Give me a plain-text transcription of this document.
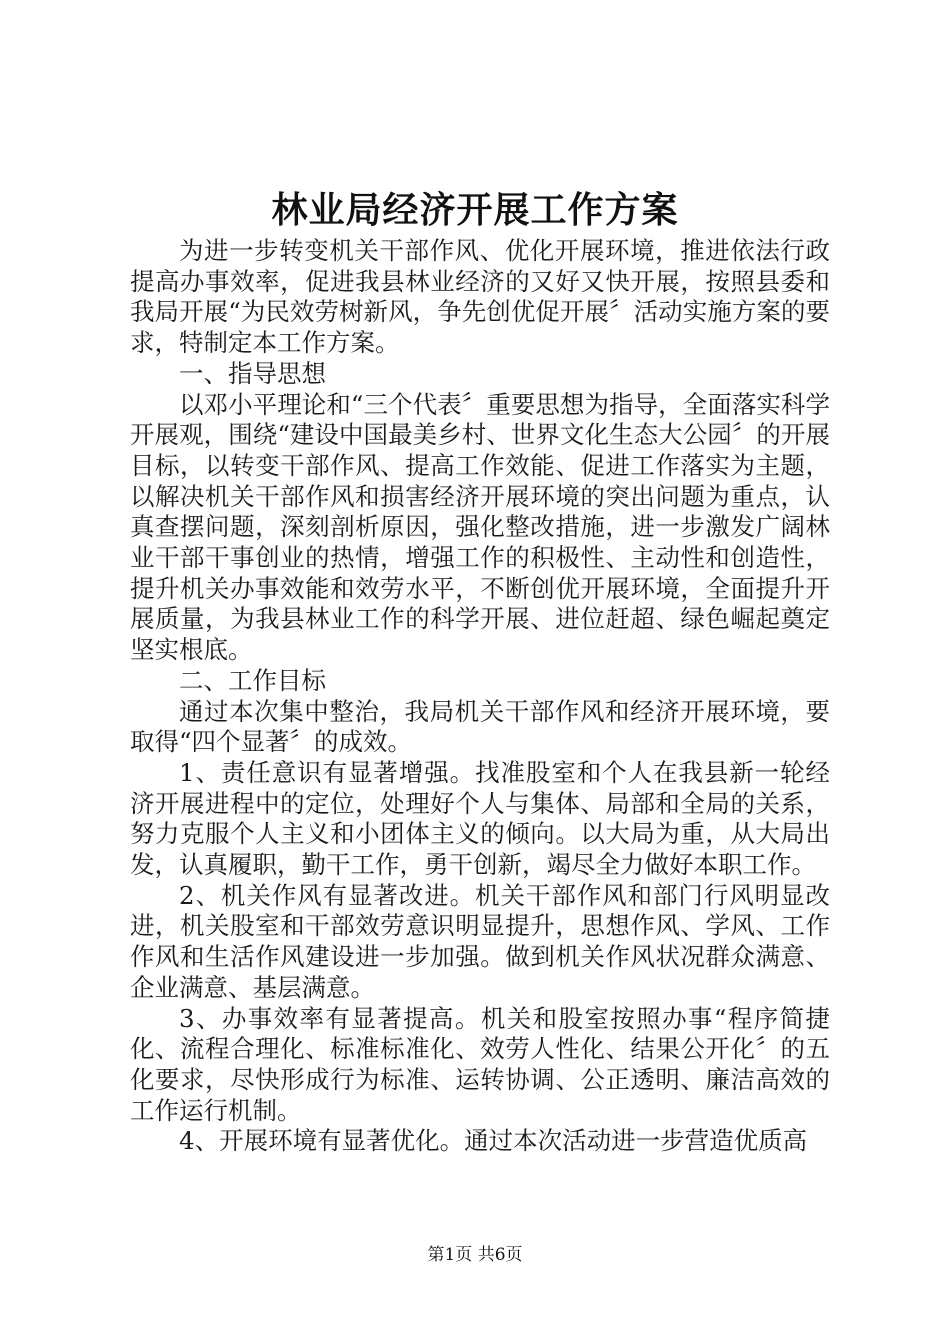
林业局经济开展工作方案

为进一步转变机关干部作风、优化开展环境，推进依法行政提高办事效率，促进我县林业经济的又好又快开展，按照县委和我局开展“为民效劳树新风，争先创优促开展〞活动实施方案的要求，特制定本工作方案。

一、指导思想

以邓小平理论和“三个代表〞重要思想为指导，全面落实科学开展观，围绕“建设中国最美乡村、世界文化生态大公园〞的开展目标，以转变干部作风、提高工作效能、促进工作落实为主题，以解决机关干部作风和损害经济开展环境的突出问题为重点，认真查摆问题，深刻剖析原因，强化整改措施，进一步激发广阔林业干部干事创业的热情，增强工作的积极性、主动性和创造性，提升机关办事效能和效劳水平，不断创优开展环境，全面提升开展质量，为我县林业工作的科学开展、进位赶超、绿色崛起奠定坚实根底。

二、工作目标

通过本次集中整治，我局机关干部作风和经济开展环境，要取得“四个显著〞的成效。

1、责任意识有显著增强。找准股室和个人在我县新一轮经济开展进程中的定位，处理好个人与集体、局部和全局的关系，努力克服个人主义和小团体主义的倾向。以大局为重，从大局出发，认真履职，勤干工作，勇干创新，竭尽全力做好本职工作。

2、机关作风有显著改进。机关干部作风和部门行风明显改进，机关股室和干部效劳意识明显提升，思想作风、学风、工作作风和生活作风建设进一步加强。做到机关作风状况群众满意、企业满意、基层满意。

3、办事效率有显著提高。机关和股室按照办事“程序简捷化、流程合理化、标准标准化、效劳人性化、结果公开化〞的五化要求，尽快形成行为标准、运转协调、公正透明、廉洁高效的工作运行机制。

4、开展环境有显著优化。通过本次活动进一步营造优质高

第1页 共6页
